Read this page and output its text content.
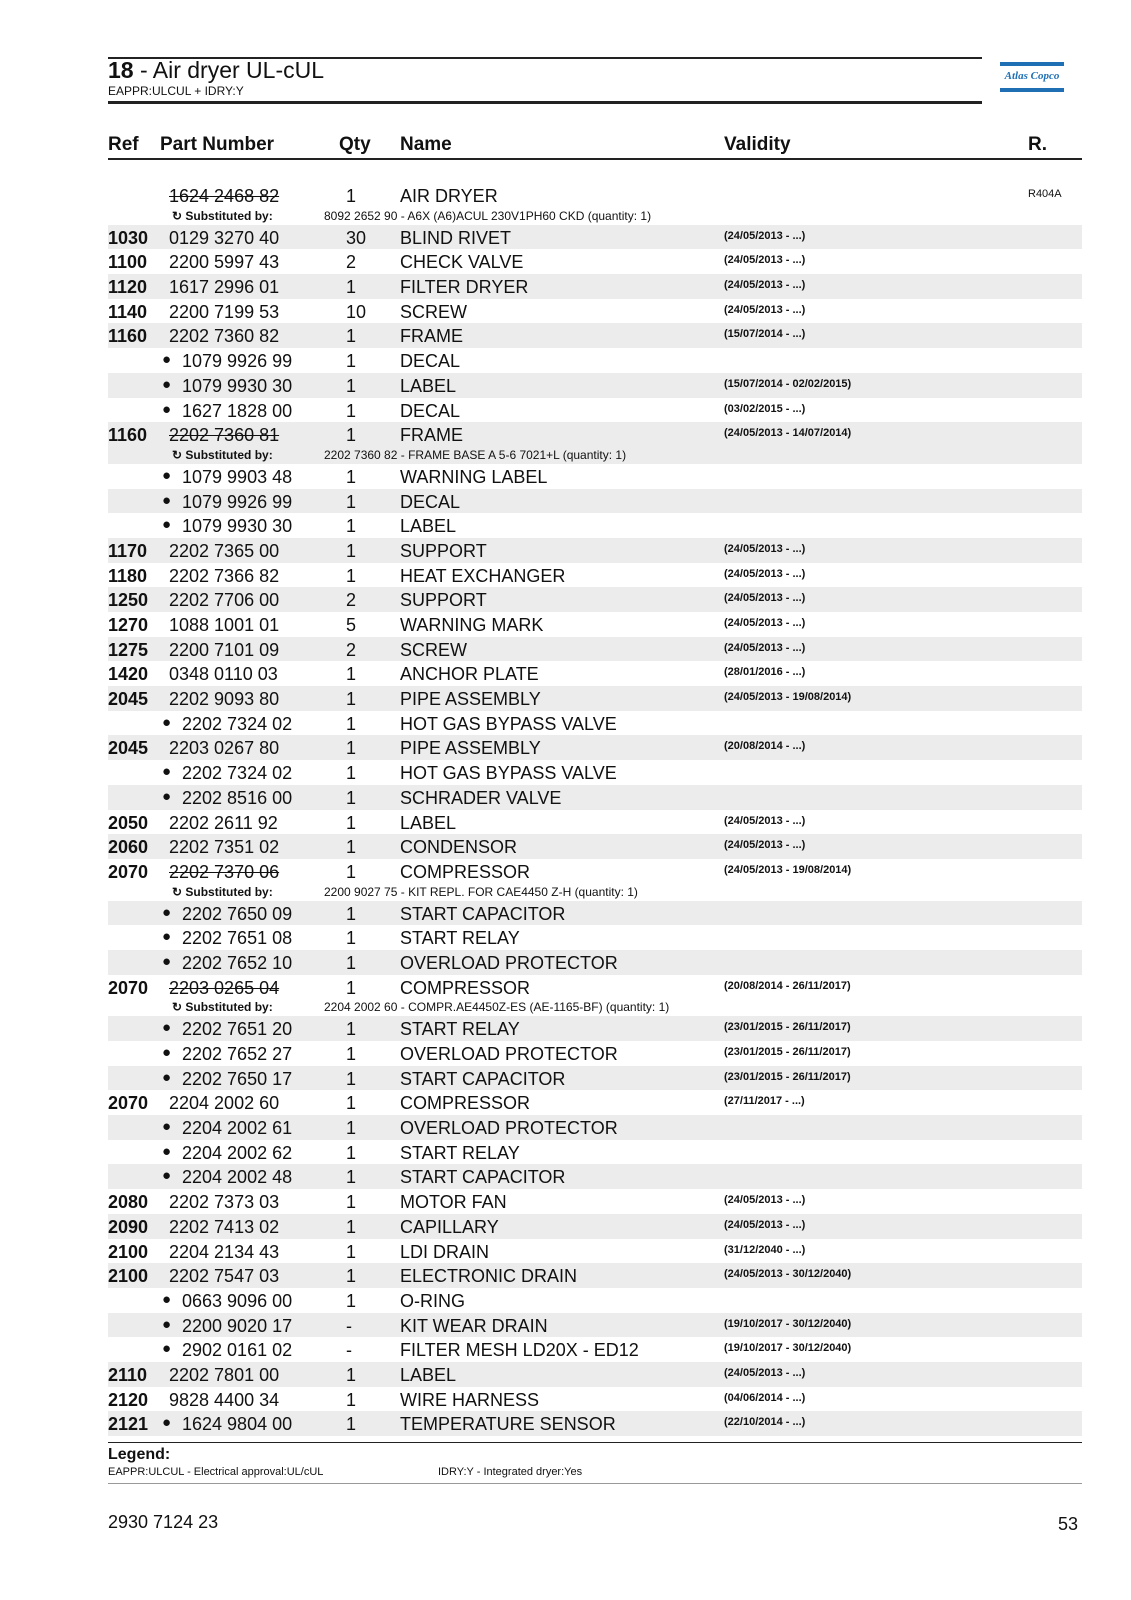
18 - Air dryer UL-cUL
EAPPR:ULCUL + IDRY:Y
Atlas Copco
Ref Part Number	Qty Name	Validity	R.
1624 2468 82	1	AIR DRYER	R404A
↻ Substituted by:	8092 2652 90 - A6X (A6)ACUL 230V1PH60 CKD (quantity: 1)
1030 0129 3270 40	30	BLIND RIVET	(24/05/2013 - ...)
1100 2200 5997 43	2	CHECK VALVE	(24/05/2013 - ...)
1120 1617 2996 01	1	FILTER DRYER	(24/05/2013 - ...)
1140 2200 7199 53	10	SCREW	(24/05/2013 - ...)
1160 2202 7360 82	1	FRAME	(15/07/2014 - ...)
● 1079 9926 99	1	DECAL
● 1079 9930 30	1	LABEL	(15/07/2014 - 02/02/2015)
● 1627 1828 00	1	DECAL	(03/02/2015 - ...)
1160 2202 7360 81	1	FRAME	(24/05/2013 - 14/07/2014)
↻ Substituted by:	2202 7360 82 - FRAME BASE A 5-6 7021+L (quantity: 1)
● 1079 9903 48	1	WARNING LABEL
● 1079 9926 99	1	DECAL
● 1079 9930 30	1	LABEL
1170 2202 7365 00	1	SUPPORT	(24/05/2013 - ...)
1180 2202 7366 82	1	HEAT EXCHANGER	(24/05/2013 - ...)
1250 2202 7706 00	2	SUPPORT	(24/05/2013 - ...)
1270 1088 1001 01	5	WARNING MARK	(24/05/2013 - ...)
1275 2200 7101 09	2	SCREW	(24/05/2013 - ...)
1420 0348 0110 03	1	ANCHOR PLATE	(28/01/2016 - ...)
2045 2202 9093 80	1	PIPE ASSEMBLY	(24/05/2013 - 19/08/2014)
● 2202 7324 02	1	HOT GAS BYPASS VALVE
2045 2203 0267 80	1	PIPE ASSEMBLY	(20/08/2014 - ...)
● 2202 7324 02	1	HOT GAS BYPASS VALVE
● 2202 8516 00	1	SCHRADER VALVE
2050 2202 2611 92	1	LABEL	(24/05/2013 - ...)
2060 2202 7351 02	1	CONDENSOR	(24/05/2013 - ...)
2070 2202 7370 06	1	COMPRESSOR	(24/05/2013 - 19/08/2014)
↻ Substituted by:	2200 9027 75 - KIT REPL. FOR CAE4450 Z-H (quantity: 1)
● 2202 7650 09	1	START CAPACITOR
● 2202 7651 08	1	START RELAY
● 2202 7652 10	1	OVERLOAD PROTECTOR
2070 2203 0265 04	1	COMPRESSOR	(20/08/2014 - 26/11/2017)
↻ Substituted by:	2204 2002 60 - COMPR.AE4450Z-ES (AE-1165-BF) (quantity: 1)
● 2202 7651 20	1	START RELAY	(23/01/2015 - 26/11/2017)
● 2202 7652 27	1	OVERLOAD PROTECTOR	(23/01/2015 - 26/11/2017)
● 2202 7650 17	1	START CAPACITOR	(23/01/2015 - 26/11/2017)
2070 2204 2002 60	1	COMPRESSOR	(27/11/2017 - ...)
● 2204 2002 61	1	OVERLOAD PROTECTOR
● 2204 2002 62	1	START RELAY
● 2204 2002 48	1	START CAPACITOR
2080 2202 7373 03	1	MOTOR FAN	(24/05/2013 - ...)
2090 2202 7413 02	1	CAPILLARY	(24/05/2013 - ...)
2100 2204 2134 43	1	LDI DRAIN	(31/12/2040 - ...)
2100 2202 7547 03	1	ELECTRONIC DRAIN	(24/05/2013 - 30/12/2040)
● 0663 9096 00	1	O-RING
● 2200 9020 17	-	KIT WEAR DRAIN	(19/10/2017 - 30/12/2040)
● 2902 0161 02	-	FILTER MESH LD20X - ED12	(19/10/2017 - 30/12/2040)
2110 2202 7801 00	1	LABEL	(24/05/2013 - ...)
2120 9828 4400 34	1	WIRE HARNESS	(04/06/2014 - ...)
2121 ● 1624 9804 00	1	TEMPERATURE SENSOR	(22/10/2014 - ...)
Legend:
EAPPR:ULCUL - Electrical approval:UL/cUL	IDRY:Y - Integrated dryer:Yes
2930 7124 23	53
